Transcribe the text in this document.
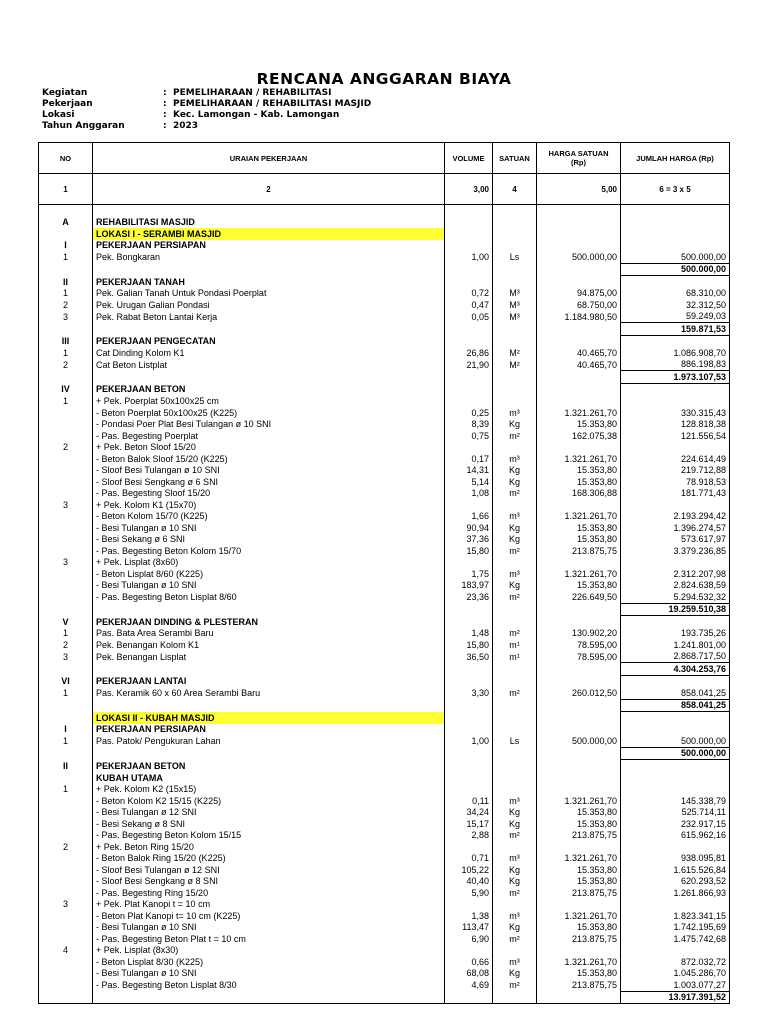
RENCANA ANGGARAN BIAYA
Kegiatan	: PEMELIHARAAN / REHABILITASI
Pekerjaan	: PEMELIHARAAN / REHABILITASI MASJID
Lokasi	: Kec. Lamongan - Kab. Lamongan
Tahun Anggaran	: 2023
NO	URAIAN PEKERJAAN	VOLUME	SATUAN	HARGA SATUAN (Rp)	JUMLAH HARGA (Rp)
1	2	3,00	4	5,00	6 = 3 x 5

A	REHABILITASI MASJID				
	LOKASI I - SERAMBI MASJID				
I	PEKERJAAN PERSIAPAN				
1	Pek. Bongkaran	1,00	Ls	500.000,00	500.000,00
					500.000,00
II	PEKERJAAN TANAH				
1	Pek. Galian Tanah Untuk Pondasi Poerplat	0,72	M³	94.875,00	68.310,00
2	Pek. Urugan Galian Pondasi	0,47	M³	68.750,00	32.312,50
3	Pek. Rabat Beton Lantai Kerja	0,05	M³	1.184.980,50	59.249,03
					159.871,53
III	PEKERJAAN PENGECATAN				
1	Cat Dinding Kolom K1	26,86	M²	40.465,70	1.086.908,70
2	Cat Beton Listplat	21,90	M²	40.465,70	886.198,83
					1.973.107,53
IV	PEKERJAAN BETON				
1	+ Pek. Poerplat 50x100x25 cm				
	- Beton Poerplat 50x100x25 (K225)	0,25	m³	1.321.261,70	330.315,43
	- Pondasi Poer Plat Besi Tulangan ø 10 SNI	8,39	Kg	15.353,80	128.818,38
	- Pas. Begesting Poerplat	0,75	m²	162.075,38	121.556,54
2	+ Pek. Beton Sloof 15/20				
	- Beton Balok Sloof 15/20 (K225)	0,17	m³	1.321.261,70	224.614,49
	- Sloof Besi Tulangan ø 10 SNI	14,31	Kg	15.353,80	219.712,88
	- Sloof Besi Sengkang ø 6 SNI	5,14	Kg	15.353,80	78.918,53
	- Pas. Begesting Sloof 15/20	1,08	m²	168.306,88	181.771,43
3	+ Pek. Kolom K1 (15x70)				
	- Beton Kolom 15/70 (K225)	1,66	m³	1.321.261,70	2.193.294,42
	- Besi Tulangan ø 10 SNI	90,94	Kg	15.353,80	1.396.274,57
	- Besi Sekang ø 6 SNI	37,36	Kg	15.353,80	573.617,97
	- Pas. Begesting Beton Kolom 15/70	15,80	m²	213.875,75	3.379.236,85
3	+ Pek. Lisplat (8x60)				
	- Beton Lisplat 8/60 (K225)	1,75	m³	1.321.261,70	2.312.207,98
	- Besi Tulangan ø 10 SNI	183,97	Kg	15.353,80	2.824.638,59
	- Pas. Begesting Beton Lisplat 8/60	23,36	m²	226.649,50	5.294.532,32
					19.259.510,38
V	PEKERJAAN DINDING & PLESTERAN				
1	Pas. Bata Area Serambi Baru	1,48	m²	130.902,20	193.735,26
2	Pek. Benangan Kolom K1	15,80	m¹	78.595,00	1.241.801,00
3	Pek. Benangan Lisplat	36,50	m¹	78.595,00	2.868.717,50
					4.304.253,76
VI	PEKERJAAN LANTAI				
1	Pas. Keramik 60 x 60 Area Serambi Baru	3,30	m²	260.012,50	858.041,25
					858.041,25
	LOKASI II - KUBAH MASJID				
I	PEKERJAAN PERSIAPAN				
1	Pas. Patok/ Pengukuran Lahan	1,00	Ls	500.000,00	500.000,00
					500.000,00
II	PEKERJAAN BETON				
	KUBAH UTAMA				
1	+ Pek. Kolom K2 (15x15)				
	- Beton Kolom K2 15/15 (K225)	0,11	m³	1.321.261,70	145.338,79
	- Besi Tulangan ø 12 SNI	34,24	Kg	15.353,80	525.714,11
	- Besi Sekang ø 8 SNI	15,17	Kg	15.353,80	232.917,15
	- Pas. Begesting Beton Kolom 15/15	2,88	m²	213.875,75	615.962,16
2	+ Pek. Beton Ring 15/20				
	- Beton Balok Ring 15/20 (K225)	0,71	m³	1.321.261,70	938.095,81
	- Sloof Besi Tulangan ø 12 SNI	105,22	Kg	15.353,80	1.615.526,84
	- Sloof Besi Sengkang ø 8 SNI	40,40	Kg	15.353,80	620.293,52
	- Pas. Begesting Ring 15/20	5,90	m²	213.875,75	1.261.866,93
3	+ Pek. Plat Kanopi t = 10 cm				
	- Beton Plat Kanopi t= 10 cm (K225)	1,38	m³	1.321.261,70	1.823.341,15
	- Besi Tulangan ø 10 SNI	113,47	Kg	15.353,80	1.742.195,69
	- Pas. Begesting Beton Plat t = 10 cm	6,90	m²	213.875,75	1.475.742,68
4	+ Pek. Lisplat (8x30)				
	- Beton Lisplat 8/30 (K225)	0,66	m³	1.321.261,70	872.032,72
	- Besi Tulangan ø 10 SNI	68,08	Kg	15.353,80	1.045.286,70
	- Pas. Begesting Beton Lisplat 8/30	4,69	m²	213.875,75	1.003.077,27
					13.917.391,52
